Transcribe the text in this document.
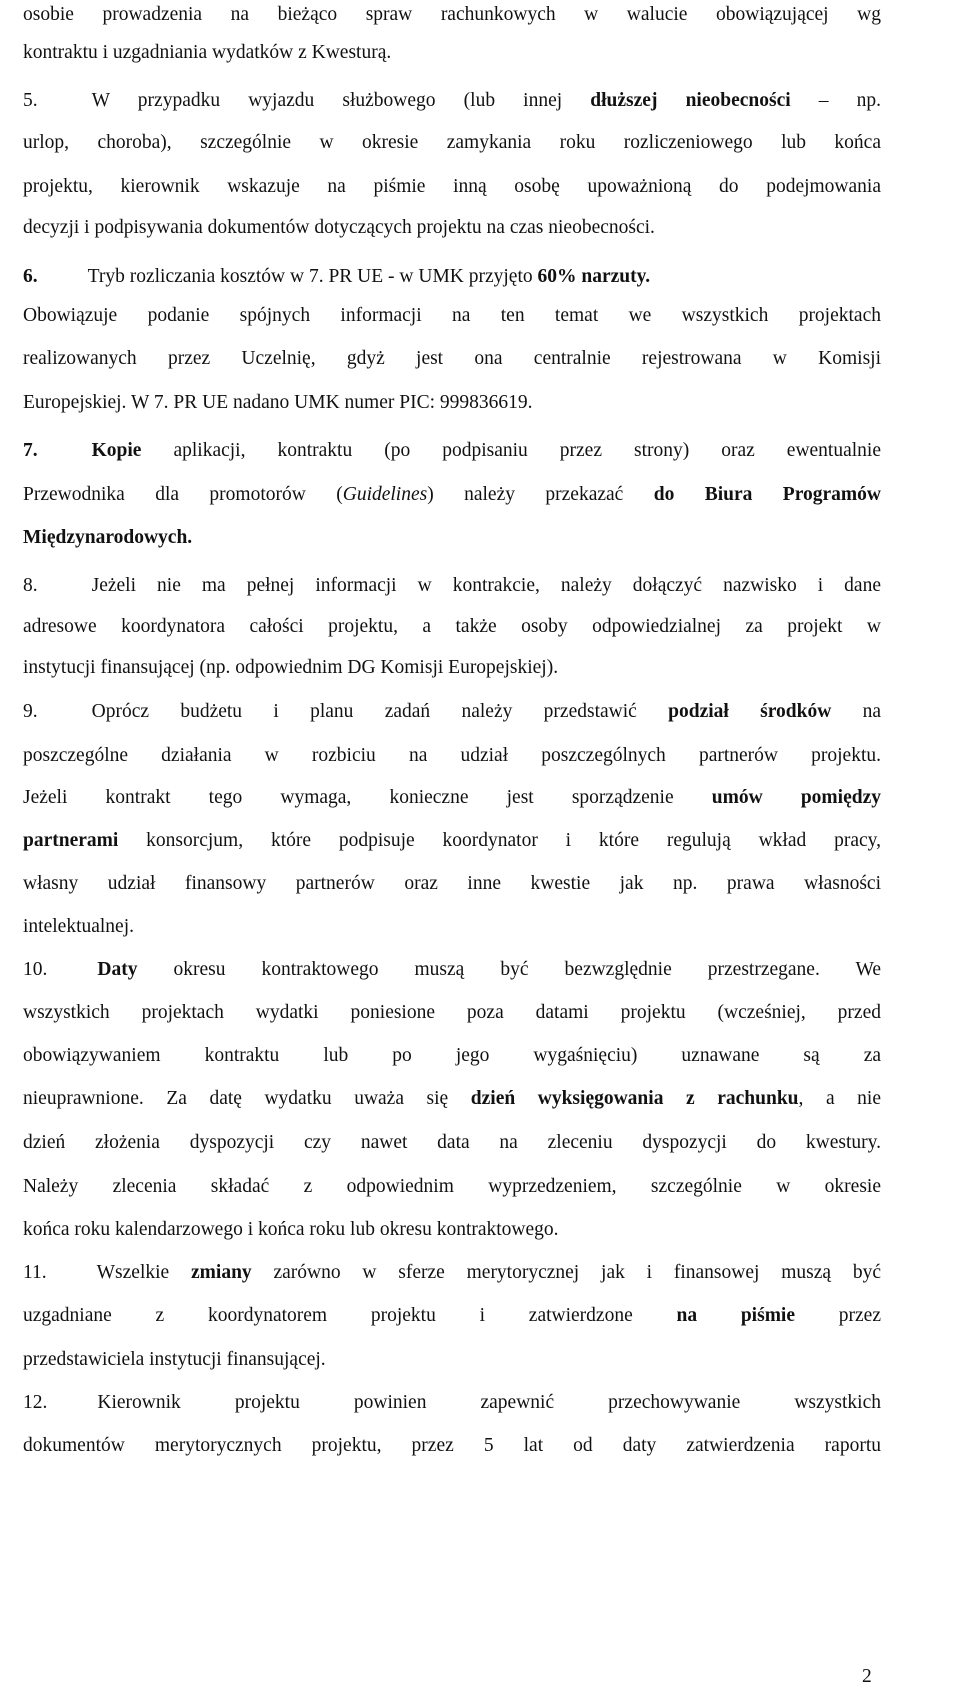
osobie prowadzenia na bieżąco spraw rachunkowych w walucie obowiązującej wg
kontraktu i uzgadniania wydatków z Kwesturą.
5.	W przypadku wyjazdu służbowego (lub innej dłuższej nieobecności – np.
urlop, choroba), szczególnie w okresie zamykania roku rozliczeniowego lub końca
projektu, kierownik wskazuje na piśmie inną osobę upoważnioną do podejmowania
decyzji i podpisywania dokumentów dotyczących projektu na czas nieobecności.
6.	Tryb rozliczania kosztów w 7. PR UE - w UMK przyjęto 60% narzuty.
Obowiązuje podanie spójnych informacji na ten temat we wszystkich projektach
realizowanych przez Uczelnię, gdyż jest ona centralnie rejestrowana w Komisji
Europejskiej. W 7. PR UE nadano UMK numer PIC: 999836619.
7.	Kopie aplikacji, kontraktu (po podpisaniu przez strony) oraz ewentualnie
Przewodnika dla promotorów (Guidelines) należy przekazać do Biura Programów
Międzynarodowych.
8.	Jeżeli nie ma pełnej informacji w kontrakcie, należy dołączyć nazwisko i dane
adresowe koordynatora całości projektu, a także osoby odpowiedzialnej za projekt w
instytucji finansującej (np. odpowiednim DG Komisji Europejskiej).
9.	Oprócz budżetu i planu zadań należy przedstawić podział środków na
poszczególne działania w rozbiciu na udział poszczególnych partnerów projektu.
Jeżeli kontrakt tego wymaga, konieczne jest sporządzenie umów pomiędzy
partnerami konsorcjum, które podpisuje koordynator i które regulują wkład pracy,
własny udział finansowy partnerów oraz inne kwestie jak np. prawa własności
intelektualnej.
10.	Daty okresu kontraktowego muszą być bezwzględnie przestrzegane. We
wszystkich projektach wydatki poniesione poza datami projektu (wcześniej, przed
obowiązywaniem kontraktu lub po jego wygaśnięciu) uznawane są za
nieuprawnione. Za datę wydatku uważa się dzień wyksięgowania z rachunku, a nie
dzień złożenia dyspozycji czy nawet data na zleceniu dyspozycji do kwestury.
Należy zlecenia składać z odpowiednim wyprzedzeniem, szczególnie w okresie
końca roku kalendarzowego i końca roku lub okresu kontraktowego.
11.	Wszelkie zmiany zarówno w sferze merytorycznej jak i finansowej muszą być
uzgadniane z koordynatorem projektu i zatwierdzone na piśmie przez
przedstawiciela instytucji finansującej.
12.	Kierownik projektu powinien zapewnić przechowywanie wszystkich
dokumentów merytorycznych projektu, przez 5 lat od daty zatwierdzenia raportu
2
